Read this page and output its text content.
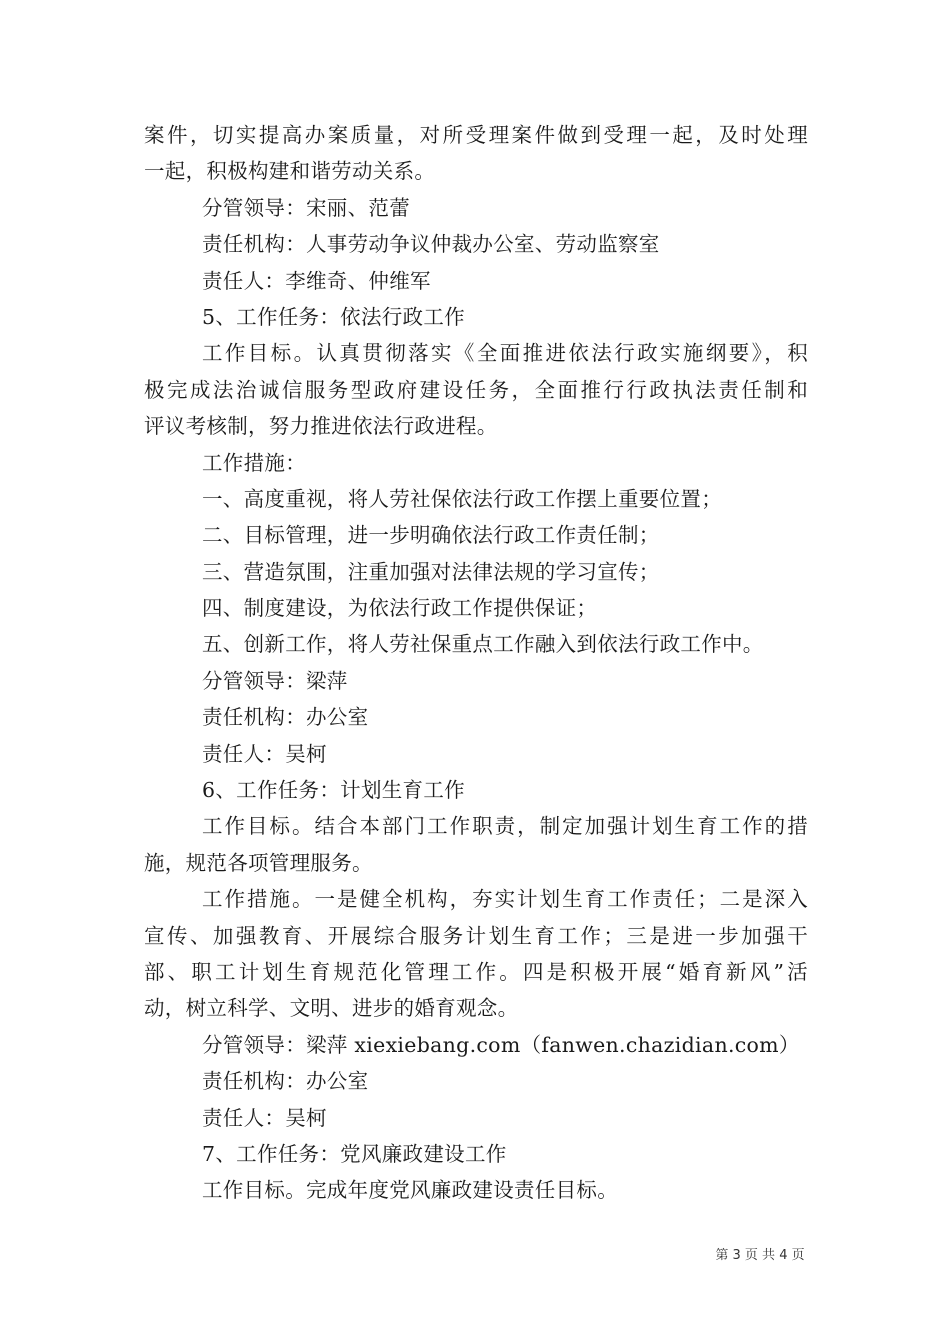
案件，切实提高办案质量，对所受理案件做到受理一起，及时处理
一起，积极构建和谐劳动关系。
分管领导：宋丽、范蕾
责任机构：人事劳动争议仲裁办公室、劳动监察室
责任人：李维奇、仲维军
5、工作任务：依法行政工作
工作目标。认真贯彻落实《全面推进依法行政实施纲要》，积
极完成法治诚信服务型政府建设任务，全面推行行政执法责任制和
评议考核制，努力推进依法行政进程。
工作措施：
一、高度重视，将人劳社保依法行政工作摆上重要位置；
二、目标管理，进一步明确依法行政工作责任制；
三、营造氛围，注重加强对法律法规的学习宣传；
四、制度建设，为依法行政工作提供保证；
五、创新工作，将人劳社保重点工作融入到依法行政工作中。
分管领导：梁萍
责任机构：办公室
责任人：吴柯
6、工作任务：计划生育工作
工作目标。结合本部门工作职责，制定加强计划生育工作的措
施，规范各项管理服务。
工作措施。一是健全机构，夯实计划生育工作责任；二是深入
宣传、加强教育、开展综合服务计划生育工作；三是进一步加强干
部、职工计划生育规范化管理工作。四是积极开展“婚育新风”活
动，树立科学、文明、进步的婚育观念。
分管领导：梁萍 xiexiebang.com（fanwen.chazidian.com）
责任机构：办公室
责任人：吴柯
7、工作任务：党风廉政建设工作
工作目标。完成年度党风廉政建设责任目标。
第 3 页 共 4 页
